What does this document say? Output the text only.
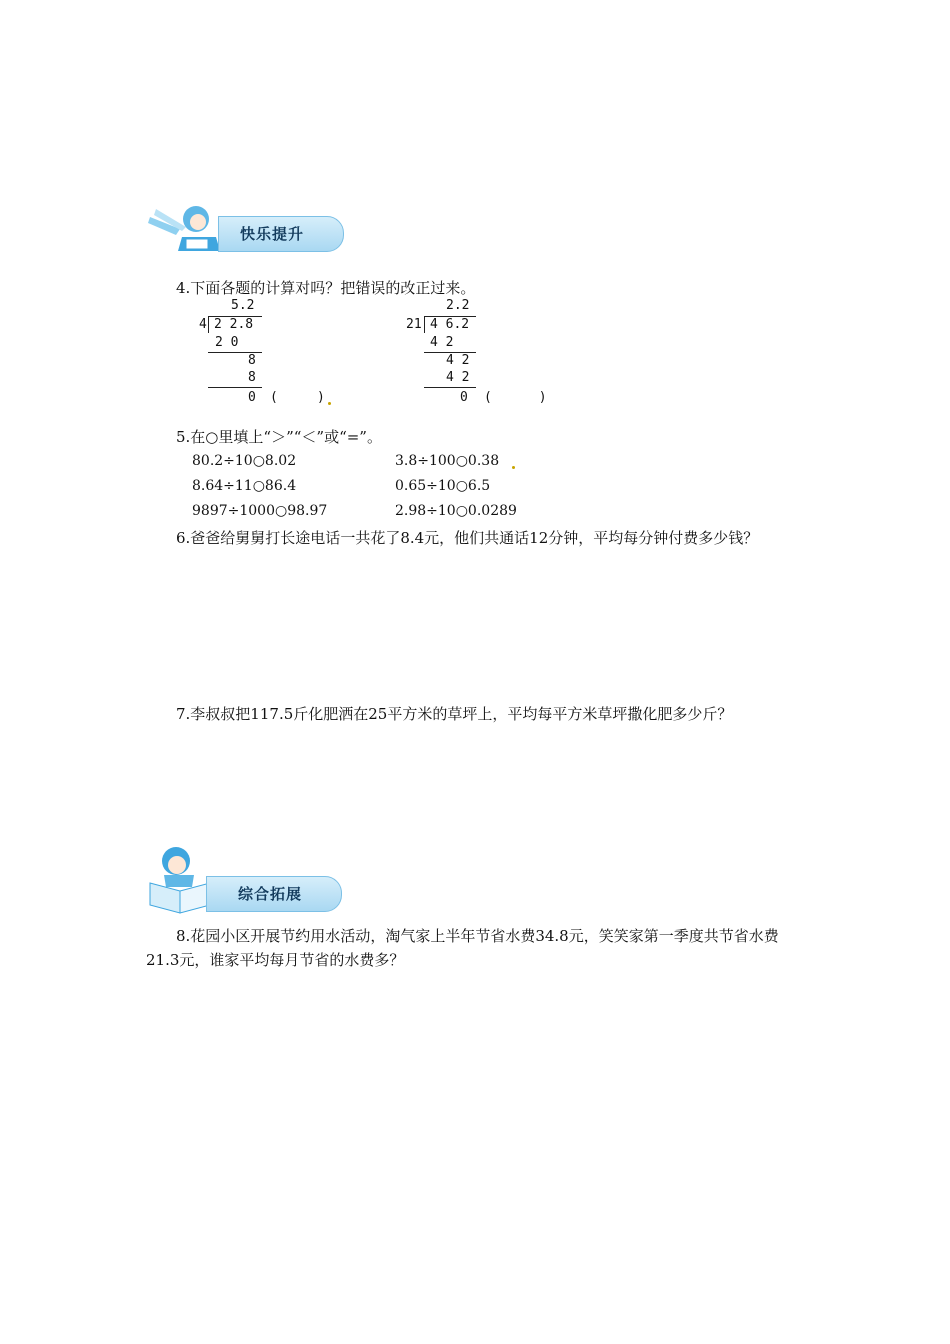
快乐提升
4.下面各题的计算对吗？把错误的改正过来。
5.2
4 2 2.8
2 0
8
8
0 (     )
2.2
21 4 6.2
4 2
4 2
4 2
0 (      )
5.在○里填上“＞”“＜”或“=”。
80.2÷10○8.02	3.8÷100○0.38
8.64÷11○86.4	0.65÷10○6.5
9897÷1000○98.97	2.98÷10○0.0289
6.爸爸给舅舅打长途电话一共花了8.4元，他们共通话12分钟，平均每分钟付费多少钱？
7.李叔叔把117.5斤化肥洒在25平方米的草坪上，平均每平方米草坪撒化肥多少斤？
综合拓展
8.花园小区开展节约用水活动，淘气家上半年节省水费34.8元，笑笑家第一季度共节省水费21.3元，谁家平均每月节省的水费多？
